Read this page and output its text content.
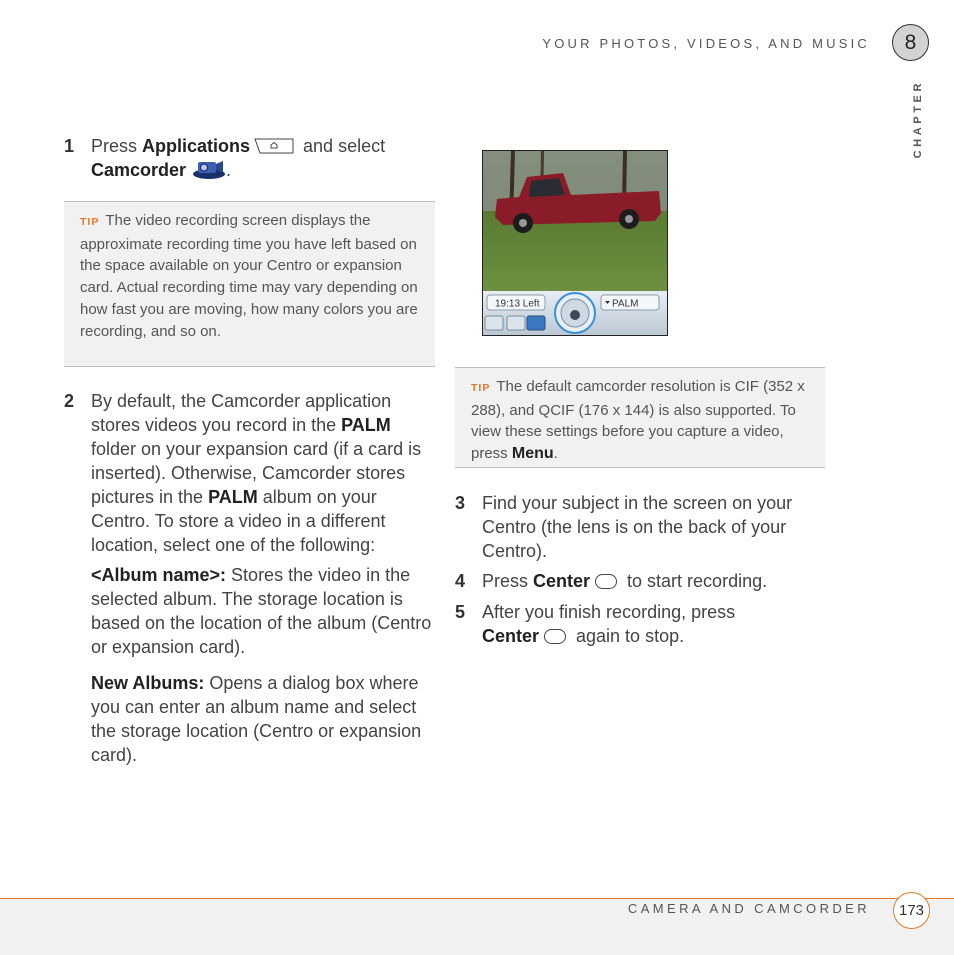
YOUR PHOTOS, VIDEOS, AND MUSIC	8
CHAPTER
1 Press Applications	and select
Camcorder .
TIP The video recording screen displays the approximate recording time you have left based on the space available on your Centro or expansion card. Actual recording time may vary depending on how fast you are moving, how many colors you are recording, and so on.
2 By default, the Camcorder application stores videos you record in the PALM folder on your expansion card (if a card is inserted). Otherwise, Camcorder stores pictures in the PALM album on your Centro. To store a video in a different location, select one of the following:
<Album name>: Stores the video in the selected album. The storage location is based on the location of the album (Centro or expansion card).
New Albums: Opens a dialog box where you can enter an album name and select the storage location (Centro or expansion card).
19:13 Left	PALM
TIP The default camcorder resolution is CIF (352 x 288), and QCIF (176 x 144) is also supported. To view these settings before you capture a video, press Menu.
3 Find your subject in the screen on your Centro (the lens is on the back of your Centro).
4 Press Center to start recording.
5 After you finish recording, press
Center again to stop.
CAMERA AND CAMCORDER	173
